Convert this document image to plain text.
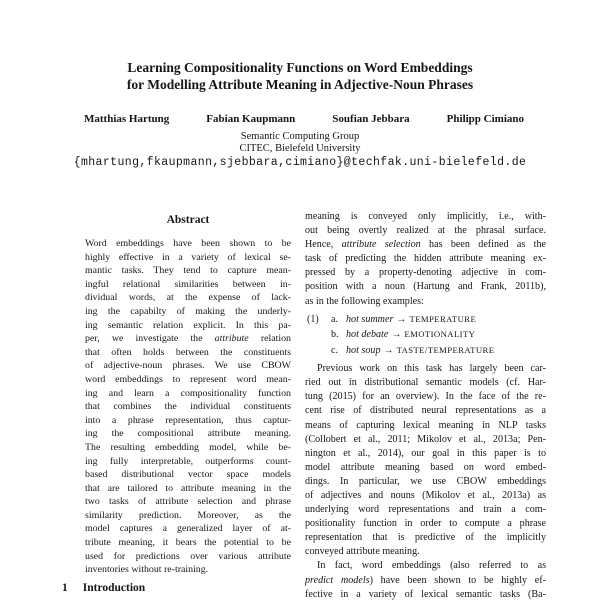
Learning Compositionality Functions on Word Embeddings
for Modelling Attribute Meaning in Adjective-Noun Phrases
Matthias Hartung	Fabian Kaupmann	Soufian Jebbara	Philipp Cimiano
Semantic Computing Group
CITEC, Bielefeld University
{mhartung,fkaupmann,sjebbara,cimiano}@techfak.uni-bielefeld.de
Abstract
Word embeddings have been shown to be
highly effective in a variety of lexical se-
mantic tasks. They tend to capture mean-
ingful relational similarities between in-
dividual words, at the expense of lack-
ing the capabilty of making the underly-
ing semantic relation explicit. In this pa-
per, we investigate the attribute relation
that often holds between the constituents
of adjective-noun phrases. We use CBOW
word embeddings to represent word mean-
ing and learn a compositionality function
that combines the individual constituents
into a phrase representation, thus captur-
ing the compositional attribute meaning.
The resulting embedding model, while be-
ing fully interpretable, outperforms count-
based distributional vector space models
that are tailored to attribute meaning in the
two tasks of attribute selection and phrase
similarity prediction. Moreover, as the
model captures a generalized layer of at-
tribute meaning, it bears the potential to be
used for predictions over various attribute
inventories without re-training.
1 Introduction
meaning is conveyed only implicitly, i.e., with-
out being overtly realized at the phrasal surface.
Hence, attribute selection has been defined as the
task of predicting the hidden attribute meaning ex-
pressed by a property-denoting adjective in com-
position with a noun (Hartung and Frank, 2011b),
as in the following examples:
(1) a. hot summer → TEMPERATURE
b. hot debate → EMOTIONALITY
c. hot soup → TASTE/TEMPERATURE
Previous work on this task has largely been car-
ried out in distributional semantic models (cf. Har-
tung (2015) for an overview). In the face of the re-
cent rise of distributed neural representations as a
means of capturing lexical meaning in NLP tasks
(Collobert et al., 2011; Mikolov et al., 2013a; Pen-
nington et al., 2014), our goal in this paper is to
model attribute meaning based on word embed-
dings. In particular, we use CBOW embeddings
of adjectives and nouns (Mikolov et al., 2013a) as
underlying word representations and train a com-
positionality function in order to compute a phrase
representation that is predictive of the implicitly
conveyed attribute meaning.
In fact, word embeddings (also referred to as
predict models) have been shown to be highly ef-
fective in a variety of lexical semantic tasks (Ba-
